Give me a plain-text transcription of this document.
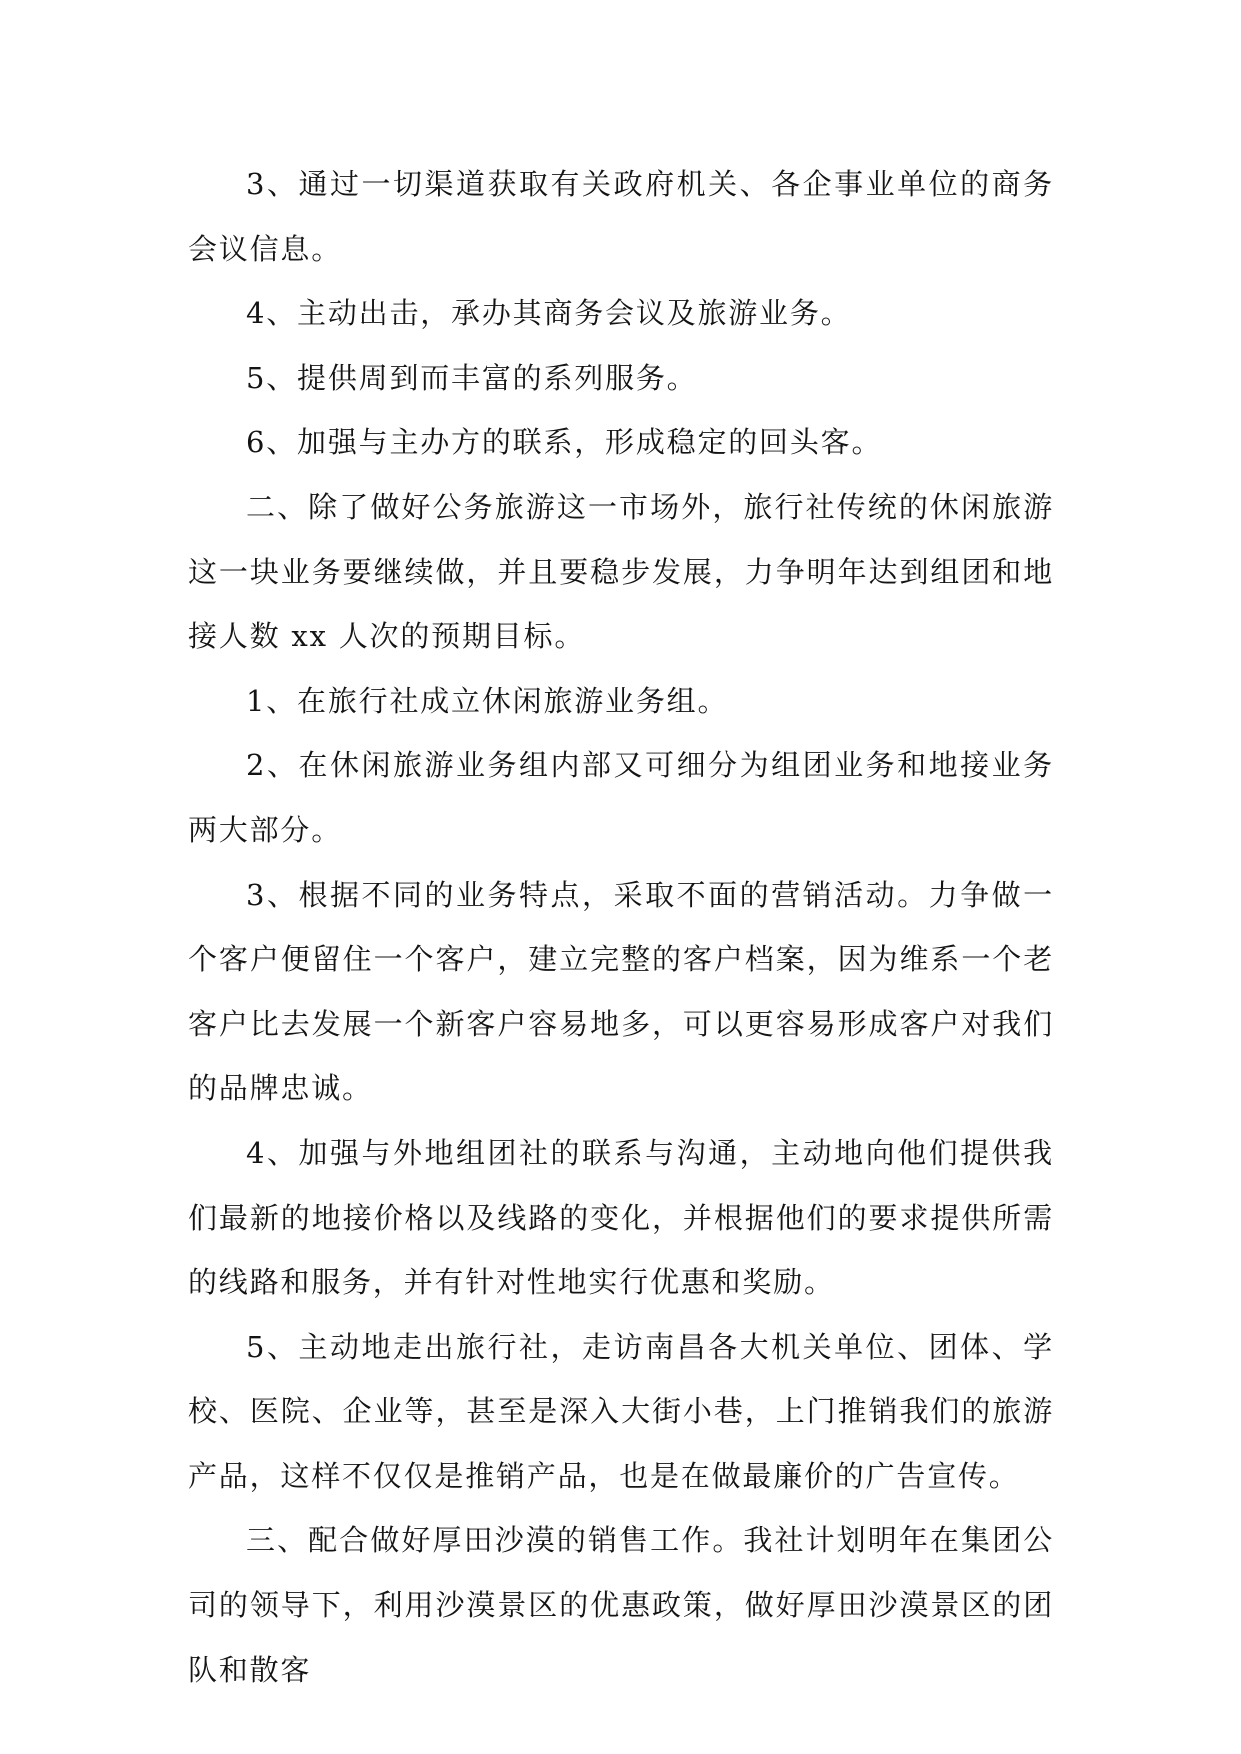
3、通过一切渠道获取有关政府机关、各企事业单位的商务会议信息。

4、主动出击，承办其商务会议及旅游业务。

5、提供周到而丰富的系列服务。

6、加强与主办方的联系，形成稳定的回头客。

二、除了做好公务旅游这一市场外，旅行社传统的休闲旅游这一块业务要继续做，并且要稳步发展，力争明年达到组团和地接人数 xx 人次的预期目标。

1、在旅行社成立休闲旅游业务组。

2、在休闲旅游业务组内部又可细分为组团业务和地接业务两大部分。

3、根据不同的业务特点，采取不面的营销活动。力争做一个客户便留住一个客户，建立完整的客户档案，因为维系一个老客户比去发展一个新客户容易地多，可以更容易形成客户对我们的品牌忠诚。

4、加强与外地组团社的联系与沟通，主动地向他们提供我们最新的地接价格以及线路的变化，并根据他们的要求提供所需的线路和服务，并有针对性地实行优惠和奖励。

5、主动地走出旅行社，走访南昌各大机关单位、团体、学校、医院、企业等，甚至是深入大街小巷，上门推销我们的旅游产品，这样不仅仅是推销产品，也是在做最廉价的广告宣传。

三、配合做好厚田沙漠的销售工作。我社计划明年在集团公司的领导下，利用沙漠景区的优惠政策，做好厚田沙漠景区的团队和散客
